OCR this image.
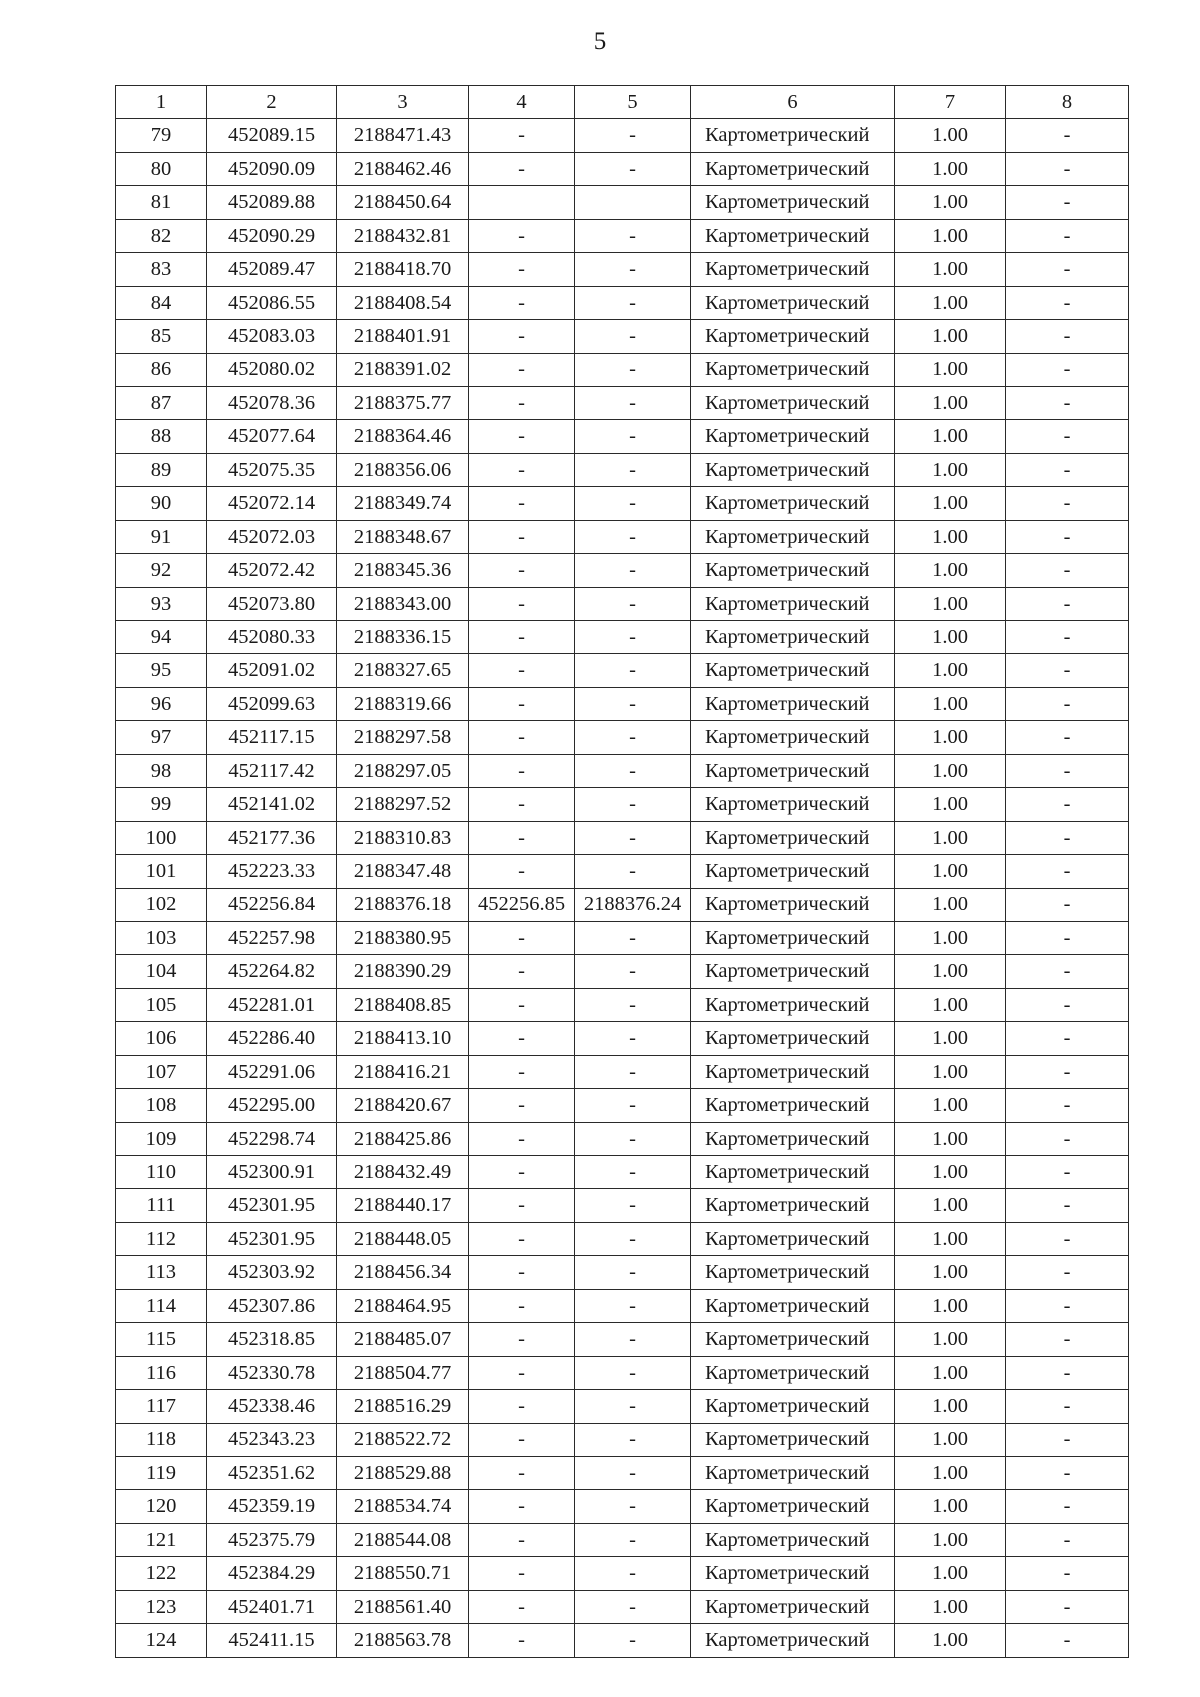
5
1	2	3	4	5	6	7	8
79	452089.15	2188471.43	-	-	Картометрический	1.00	-
80	452090.09	2188462.46	-	-	Картометрический	1.00	-
81	452089.88	2188450.64			Картометрический	1.00	-
82	452090.29	2188432.81	-	-	Картометрический	1.00	-
83	452089.47	2188418.70	-	-	Картометрический	1.00	-
84	452086.55	2188408.54	-	-	Картометрический	1.00	-
85	452083.03	2188401.91	-	-	Картометрический	1.00	-
86	452080.02	2188391.02	-	-	Картометрический	1.00	-
87	452078.36	2188375.77	-	-	Картометрический	1.00	-
88	452077.64	2188364.46	-	-	Картометрический	1.00	-
89	452075.35	2188356.06	-	-	Картометрический	1.00	-
90	452072.14	2188349.74	-	-	Картометрический	1.00	-
91	452072.03	2188348.67	-	-	Картометрический	1.00	-
92	452072.42	2188345.36	-	-	Картометрический	1.00	-
93	452073.80	2188343.00	-	-	Картометрический	1.00	-
94	452080.33	2188336.15	-	-	Картометрический	1.00	-
95	452091.02	2188327.65	-	-	Картометрический	1.00	-
96	452099.63	2188319.66	-	-	Картометрический	1.00	-
97	452117.15	2188297.58	-	-	Картометрический	1.00	-
98	452117.42	2188297.05	-	-	Картометрический	1.00	-
99	452141.02	2188297.52	-	-	Картометрический	1.00	-
100	452177.36	2188310.83	-	-	Картометрический	1.00	-
101	452223.33	2188347.48	-	-	Картометрический	1.00	-
102	452256.84	2188376.18	452256.85	2188376.24	Картометрический	1.00	-
103	452257.98	2188380.95	-	-	Картометрический	1.00	-
104	452264.82	2188390.29	-	-	Картометрический	1.00	-
105	452281.01	2188408.85	-	-	Картометрический	1.00	-
106	452286.40	2188413.10	-	-	Картометрический	1.00	-
107	452291.06	2188416.21	-	-	Картометрический	1.00	-
108	452295.00	2188420.67	-	-	Картометрический	1.00	-
109	452298.74	2188425.86	-	-	Картометрический	1.00	-
110	452300.91	2188432.49	-	-	Картометрический	1.00	-
111	452301.95	2188440.17	-	-	Картометрический	1.00	-
112	452301.95	2188448.05	-	-	Картометрический	1.00	-
113	452303.92	2188456.34	-	-	Картометрический	1.00	-
114	452307.86	2188464.95	-	-	Картометрический	1.00	-
115	452318.85	2188485.07	-	-	Картометрический	1.00	-
116	452330.78	2188504.77	-	-	Картометрический	1.00	-
117	452338.46	2188516.29	-	-	Картометрический	1.00	-
118	452343.23	2188522.72	-	-	Картометрический	1.00	-
119	452351.62	2188529.88	-	-	Картометрический	1.00	-
120	452359.19	2188534.74	-	-	Картометрический	1.00	-
121	452375.79	2188544.08	-	-	Картометрический	1.00	-
122	452384.29	2188550.71	-	-	Картометрический	1.00	-
123	452401.71	2188561.40	-	-	Картометрический	1.00	-
124	452411.15	2188563.78	-	-	Картометрический	1.00	-
